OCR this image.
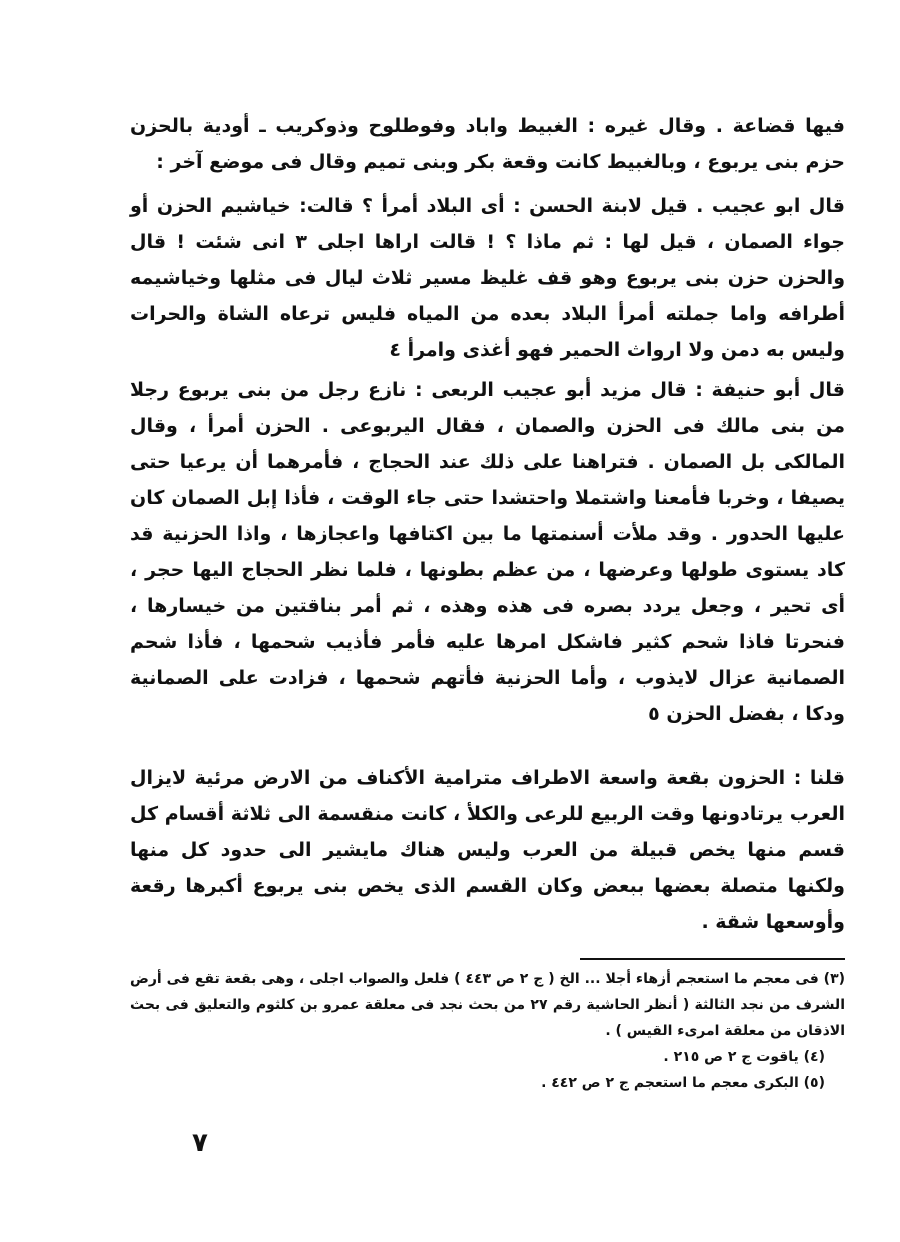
فيها قضاعة . وقال غيره : الغبيط واباد وفوطلوح وذوكريب ـ أودية بالحزن حزم بنى يربوع ، وبالغبيط كانت وقعة بكر وبنى تميم وقال فى موضع آخر :

قال ابو عجيب . قيل لابنة الحسن : أى البلاد أمرأ ؟ قالت: خياشيم الحزن أو جواء الصمان ، قيل لها : ثم ماذا ؟ ! قالت اراها اجلى ٣ انى شئت ! قال والحزن حزن بنى يربوع وهو قف غليظ مسير ثلاث ليال فى مثلها وخياشيمه أطرافه واما جملته أمرأ البلاد بعده من المياه فليس ترعاه الشاة والحرات وليس به دمن ولا ارواث الحمير فهو أغذى وامرأ ٤

قال أبو حنيفة : قال مزيد أبو عجيب الربعى : نازع رجل من بنى يربوع رجلا من بنى مالك فى الحزن والصمان ، فقال اليربوعى . الحزن أمرأ ، وقال المالكى بل الصمان . فتراهنا على ذلك عند الحجاج ، فأمرهما أن يرعيا حتى يصيفا ، وخربا فأمعنا واشتملا واحتشدا حتى جاء الوقت ، فأذا إبل الصمان كان عليها الحدور . وقد ملأت أسنمتها ما بين اكتافها واعجازها ، واذا الحزنية قد كاد يستوى طولها وعرضها ، من عظم بطونها ، فلما نظر الحجاج اليها حجر ، أى تحير ، وجعل يردد بصره فى هذه وهذه ، ثم أمر بناقتين من خيسارها ، فنحرتا فاذا شحم كثير فاشكل امرها عليه فأمر فأذيب شحمها ، فأذا شحم الصمانية عزال لايذوب ، وأما الحزنية فأتهم شحمها ، فزادت على الصمانية ودكا ، بفضل الحزن ٥

قلنا : الحزون بقعة واسعة الاطراف مترامية الأكناف من الارض مرئية لايزال العرب يرتادونها وقت الربيع للرعى والكلأ ، كانت منقسمة الى ثلاثة أقسام كل قسم منها يخص قبيلة من العرب وليس هناك مايشير الى حدود كل منها ولكنها متصلة بعضها ببعض وكان القسم الذى يخص بنى يربوع أكبرها رقعة وأوسعها شقة .

(٣) فى معجم ما استعجم أزهاء أجلا ... الخ ( ج ٢ ص ٤٤٣ ) فلعل والصواب اجلى ، وهى بقعة تقع فى أرض الشرف من نجد الثالثة ( أنظر الحاشية رقم ٢٧ من بحث نجد فى معلقة عمرو بن كلثوم والتعليق فى بحث الاذقان من معلقة امرىء القيس ) .

(٤) ياقوت ج ٢ ص ٢١٥ .

(٥) البكرى معجم ما استعجم ج ٢ ص ٤٤٢ .

٧
